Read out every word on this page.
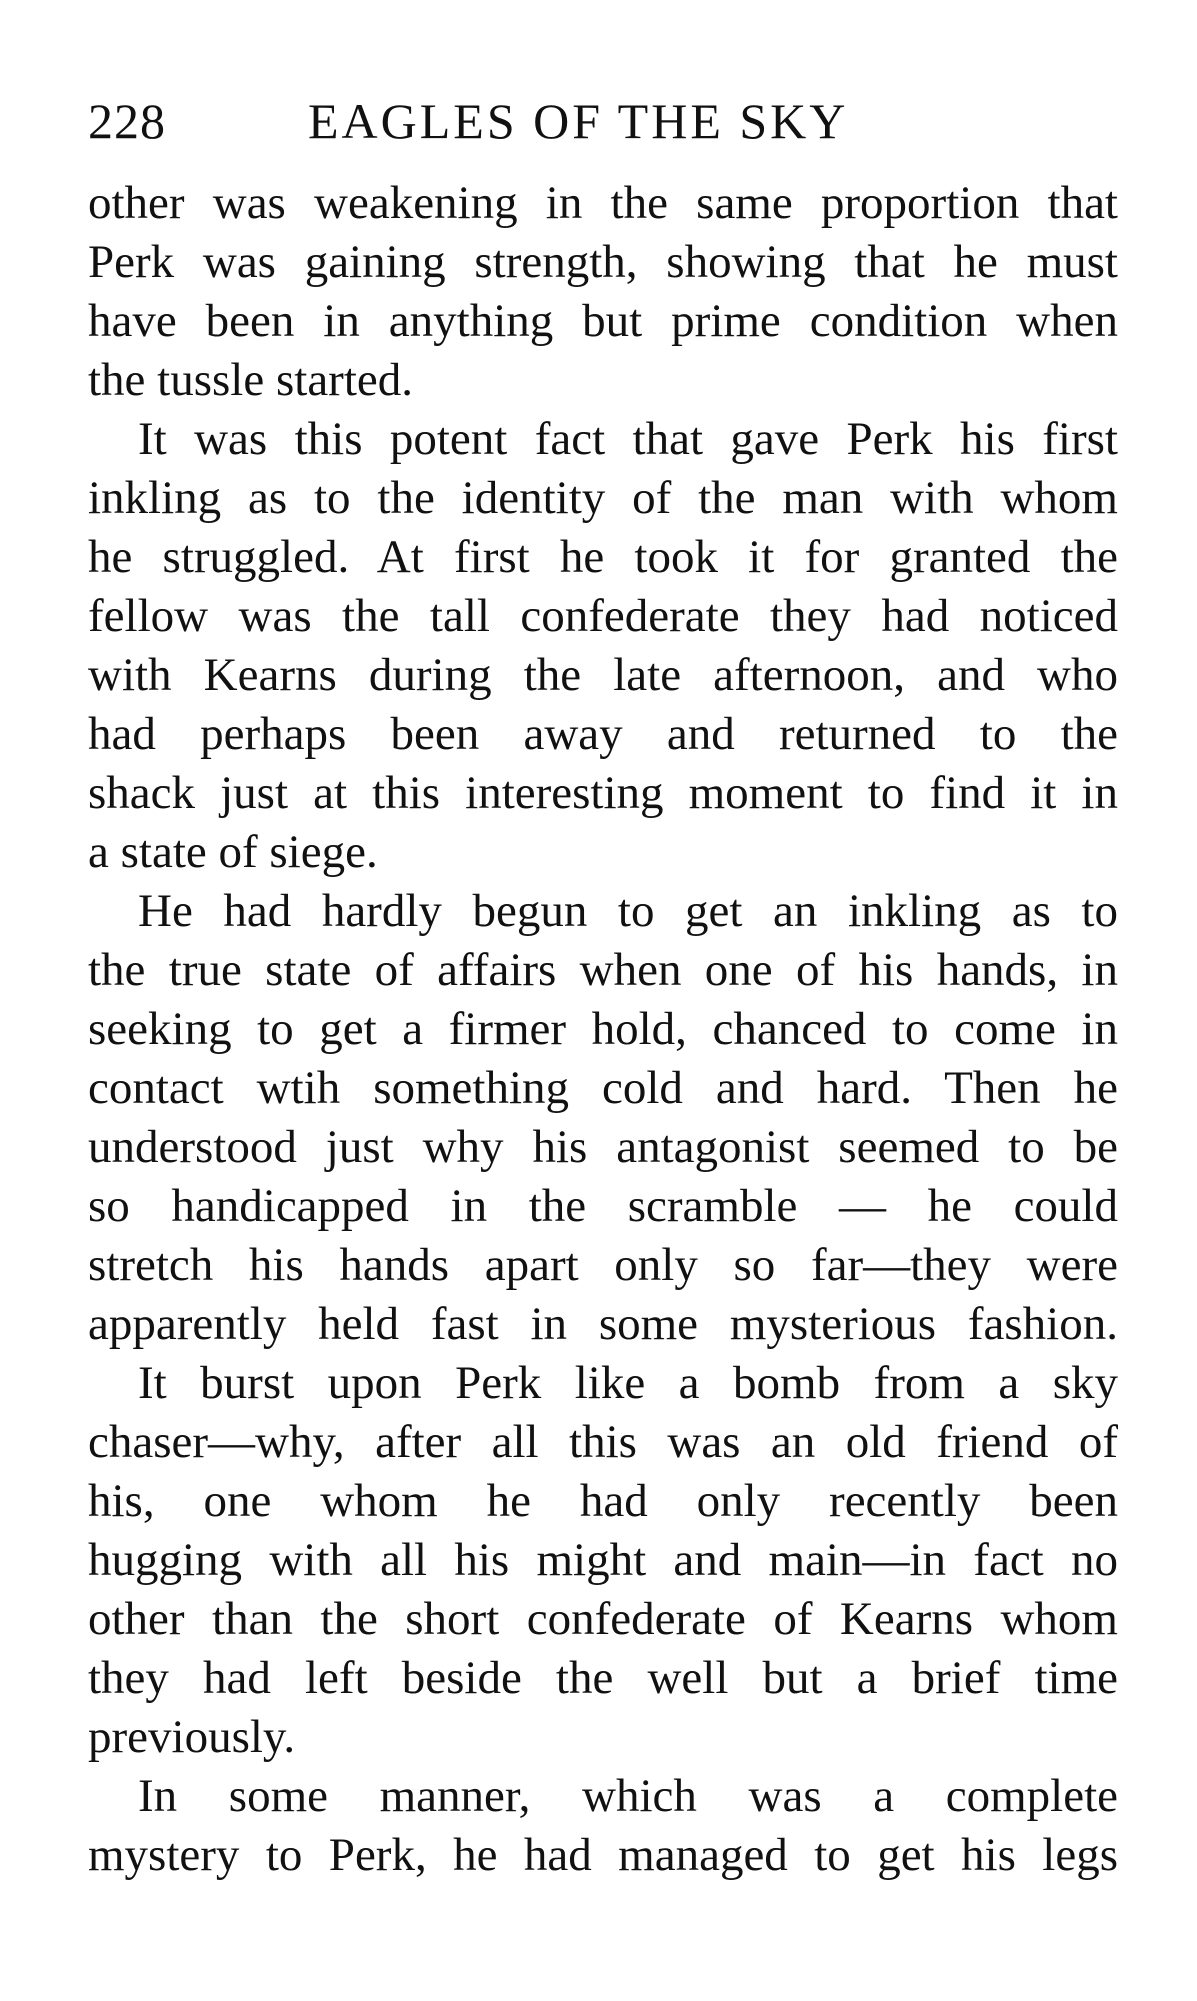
228	EAGLES OF THE SKY
other was weakening in the same proportion that
Perk was gaining strength, showing that he must
have been in anything but prime condition when
the tussle started.
It was this potent fact that gave Perk his first
inkling as to the identity of the man with whom
he struggled. At first he took it for granted the
fellow was the tall confederate they had noticed
with Kearns during the late afternoon, and who
had perhaps been away and returned to the
shack just at this interesting moment to find it in
a state of siege.
He had hardly begun to get an inkling as to
the true state of affairs when one of his hands, in
seeking to get a firmer hold, chanced to come in
contact wtih something cold and hard. Then he
understood just why his antagonist seemed to be
so handicapped in the scramble — he could
stretch his hands apart only so far—they were
apparently held fast in some mysterious fashion.
It burst upon Perk like a bomb from a sky
chaser—why, after all this was an old friend of
his, one whom he had only recently been
hugging with all his might and main—in fact no
other than the short confederate of Kearns whom
they had left beside the well but a brief time
previously.
In some manner, which was a complete
mystery to Perk, he had managed to get his legs
